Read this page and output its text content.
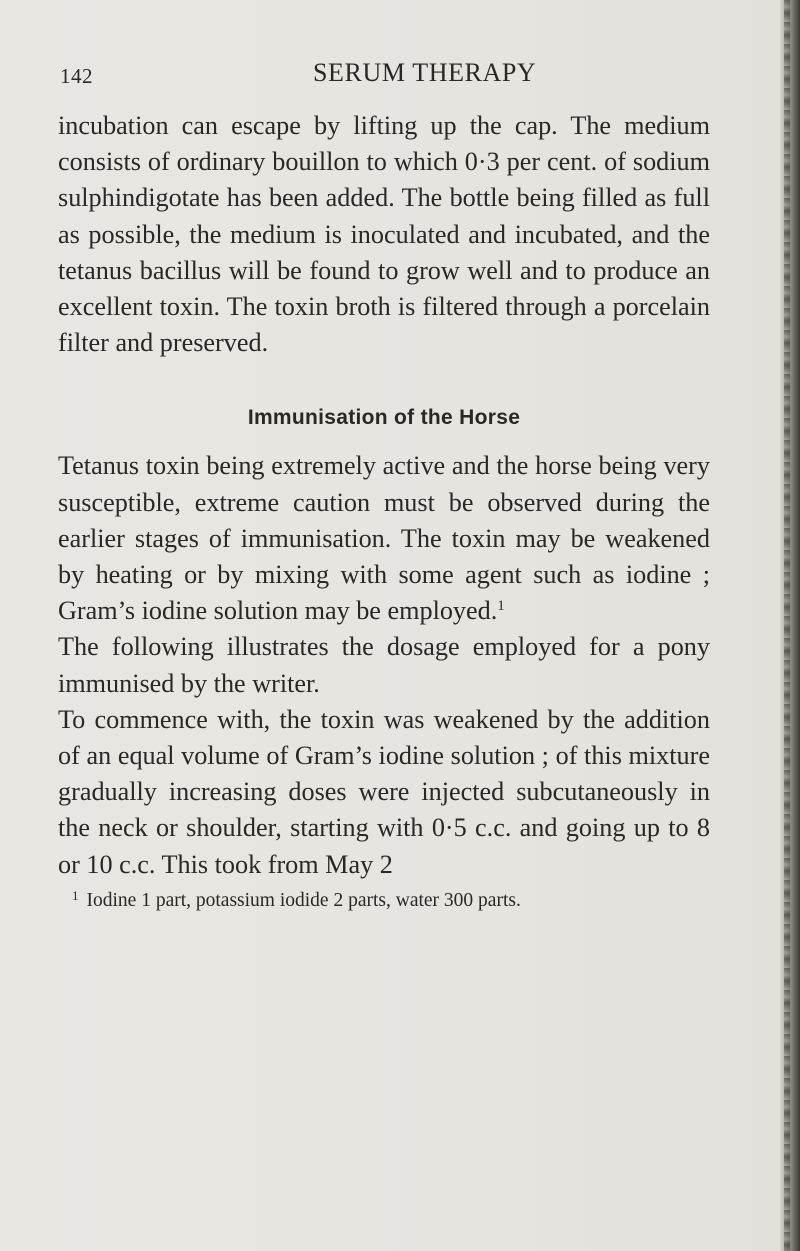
142	SERUM THERAPY

incubation can escape by lifting up the cap. The medium consists of ordinary bouillon to which 0·3 per cent. of sodium sulphindigotate has been added. The bottle being filled as full as possible, the medium is inoculated and incubated, and the tetanus bacillus will be found to grow well and to produce an excellent toxin. The toxin broth is filtered through a porcelain filter and preserved.

Immunisation of the Horse

Tetanus toxin being extremely active and the horse being very susceptible, extreme caution must be observed during the earlier stages of immunisation. The toxin may be weakened by heating or by mixing with some agent such as iodine ; Gram’s iodine solution may be employed.$^1$

The following illustrates the dosage employed for a pony immunised by the writer.

To commence with, the toxin was weakened by the addition of an equal volume of Gram’s iodine solution ; of this mixture gradually increasing doses were injected subcutaneously in the neck or shoulder, starting with 0·5 c.c. and going up to 8 or 10 c.c. This took from May 2

$^1$ Iodine 1 part, potassium iodide 2 parts, water 300 parts.
